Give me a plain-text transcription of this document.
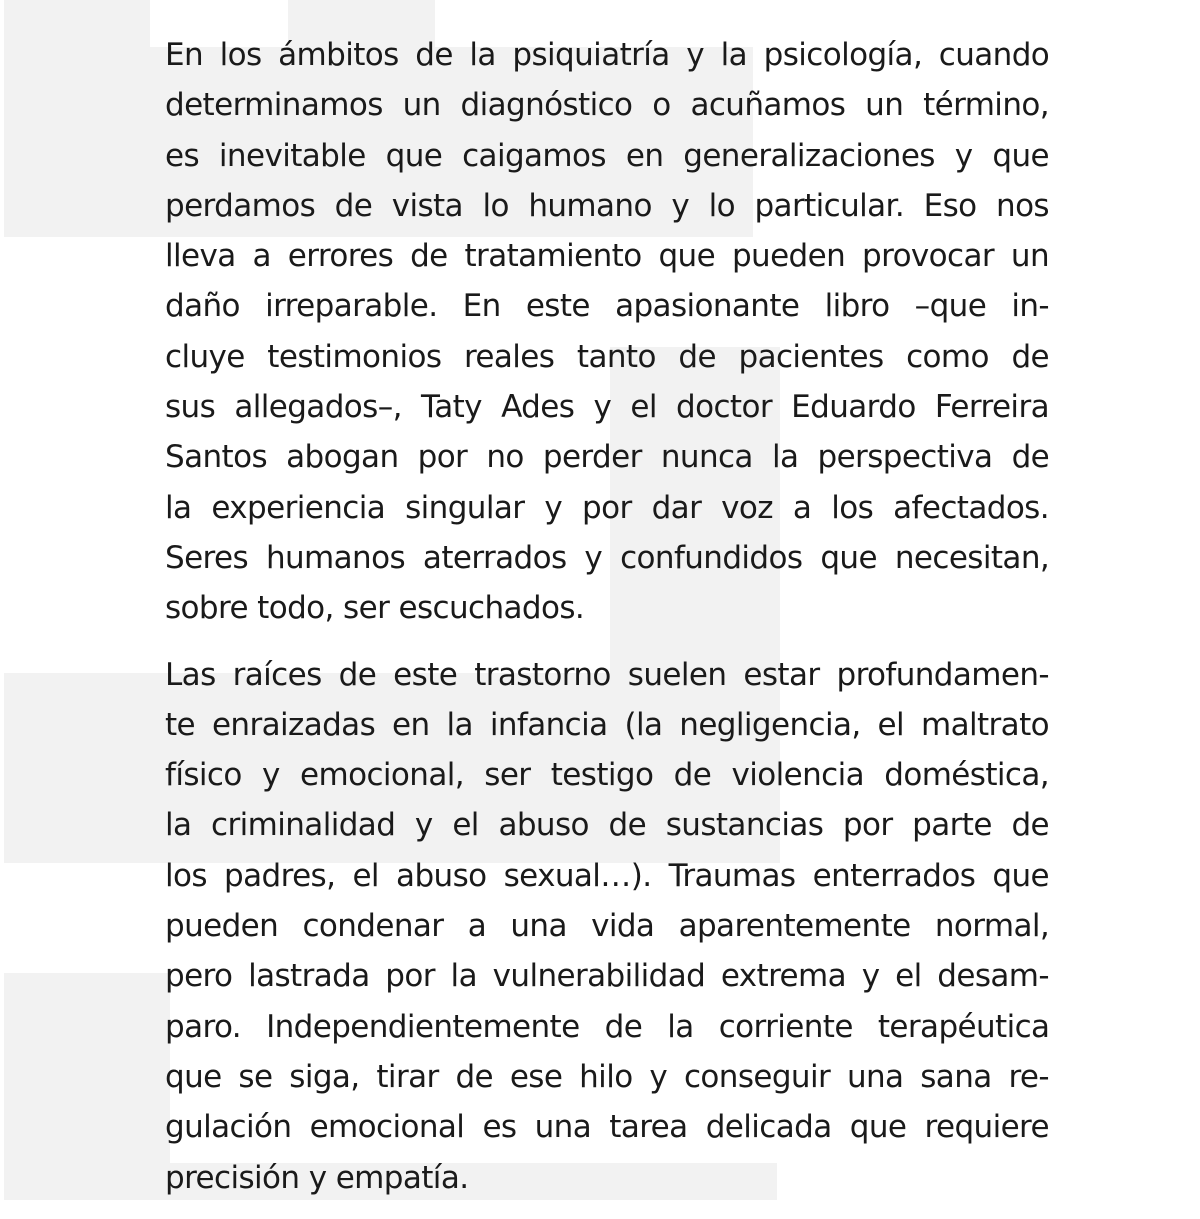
En los ámbitos de la psiquiatría y la psicología, cuando
determinamos un diagnóstico o acuñamos un término,
es inevitable que caigamos en generalizaciones y que
perdamos de vista lo humano y lo particular. Eso nos
lleva a errores de tratamiento que pueden provocar un
daño irreparable. En este apasionante libro –que in-
cluye testimonios reales tanto de pacientes como de
sus allegados–, Taty Ades y el doctor Eduardo Ferreira
Santos abogan por no perder nunca la perspectiva de
la experiencia singular y por dar voz a los afectados.
Seres humanos aterrados y confundidos que necesitan,
sobre todo, ser escuchados.

Las raíces de este trastorno suelen estar profundamen-
te enraizadas en la infancia (la negligencia, el maltrato
físico y emocional, ser testigo de violencia doméstica,
la criminalidad y el abuso de sustancias por parte de
los padres, el abuso sexual…). Traumas enterrados que
pueden condenar a una vida aparentemente normal,
pero lastrada por la vulnerabilidad extrema y el desam-
paro. Independientemente de la corriente terapéutica
que se siga, tirar de ese hilo y conseguir una sana re-
gulación emocional es una tarea delicada que requiere
precisión y empatía.
